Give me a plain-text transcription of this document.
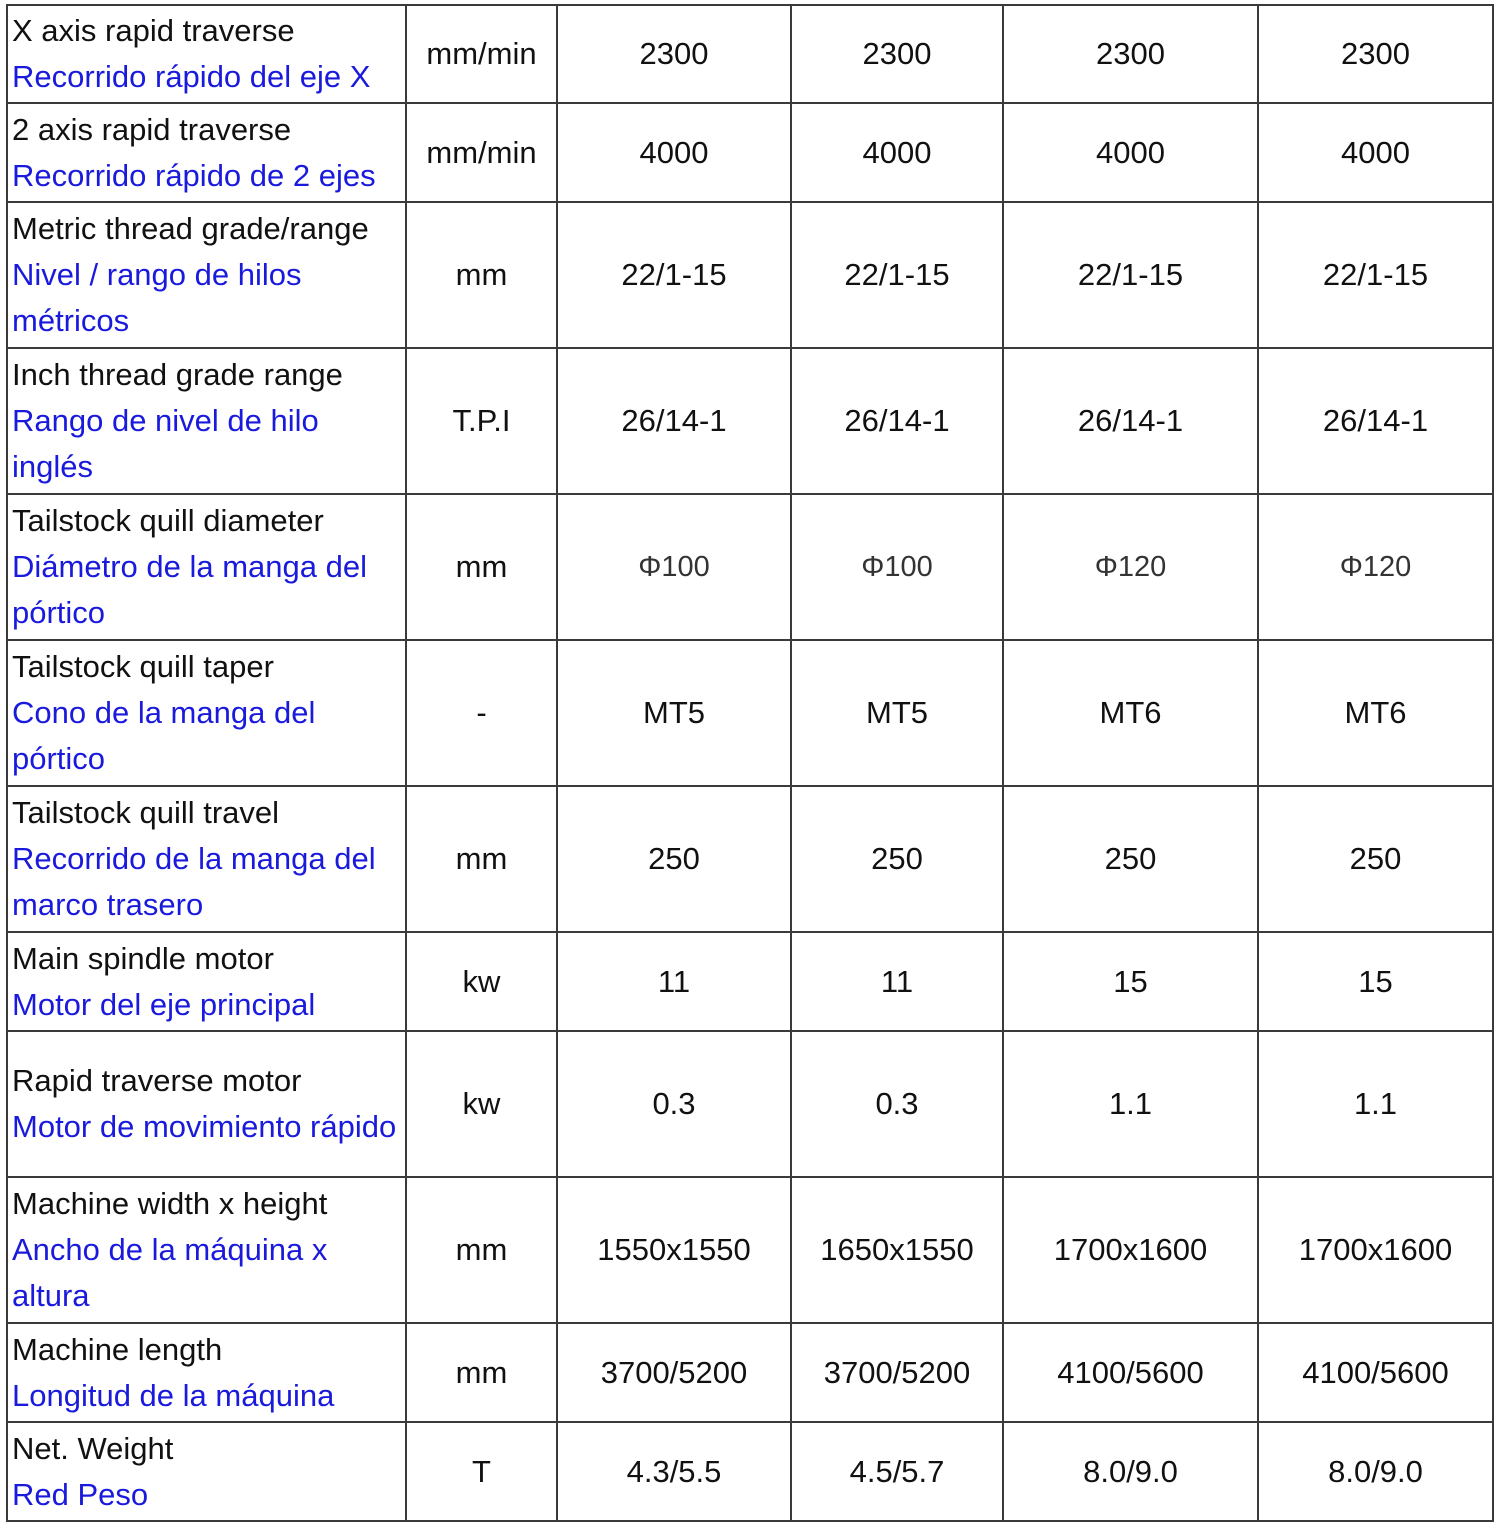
X axis rapid traverse
Recorrido rápido del eje X	mm/min	2300	2300	2300	2300

2 axis rapid traverse
Recorrido rápido de 2 ejes	mm/min	4000	4000	4000	4000

Metric thread grade/range
Nivel / rango de hilos métricos	mm	22/1-15	22/1-15	22/1-15	22/1-15

Inch thread grade range
Rango de nivel de hilo inglés	T.P.I	26/14-1	26/14-1	26/14-1	26/14-1

Tailstock quill diameter
Diámetro de la manga del pórtico	mm	Φ100	Φ100	Φ120	Φ120

Tailstock quill taper
Cono de la manga del pórtico	-	MT5	MT5	MT6	MT6

Tailstock quill travel
Recorrido de la manga del marco trasero	mm	250	250	250	250

Main spindle motor
Motor del eje principal	kw	11	11	15	15

Rapid traverse motor
Motor de movimiento rápido	kw	0.3	0.3	1.1	1.1

Machine width x height
Ancho de la máquina x altura	mm	1550x1550	1650x1550	1700x1600	1700x1600

Machine length
Longitud de la máquina	mm	3700/5200	3700/5200	4100/5600	4100/5600

Net. Weight
Red Peso	T	4.3/5.5	4.5/5.7	8.0/9.0	8.0/9.0
